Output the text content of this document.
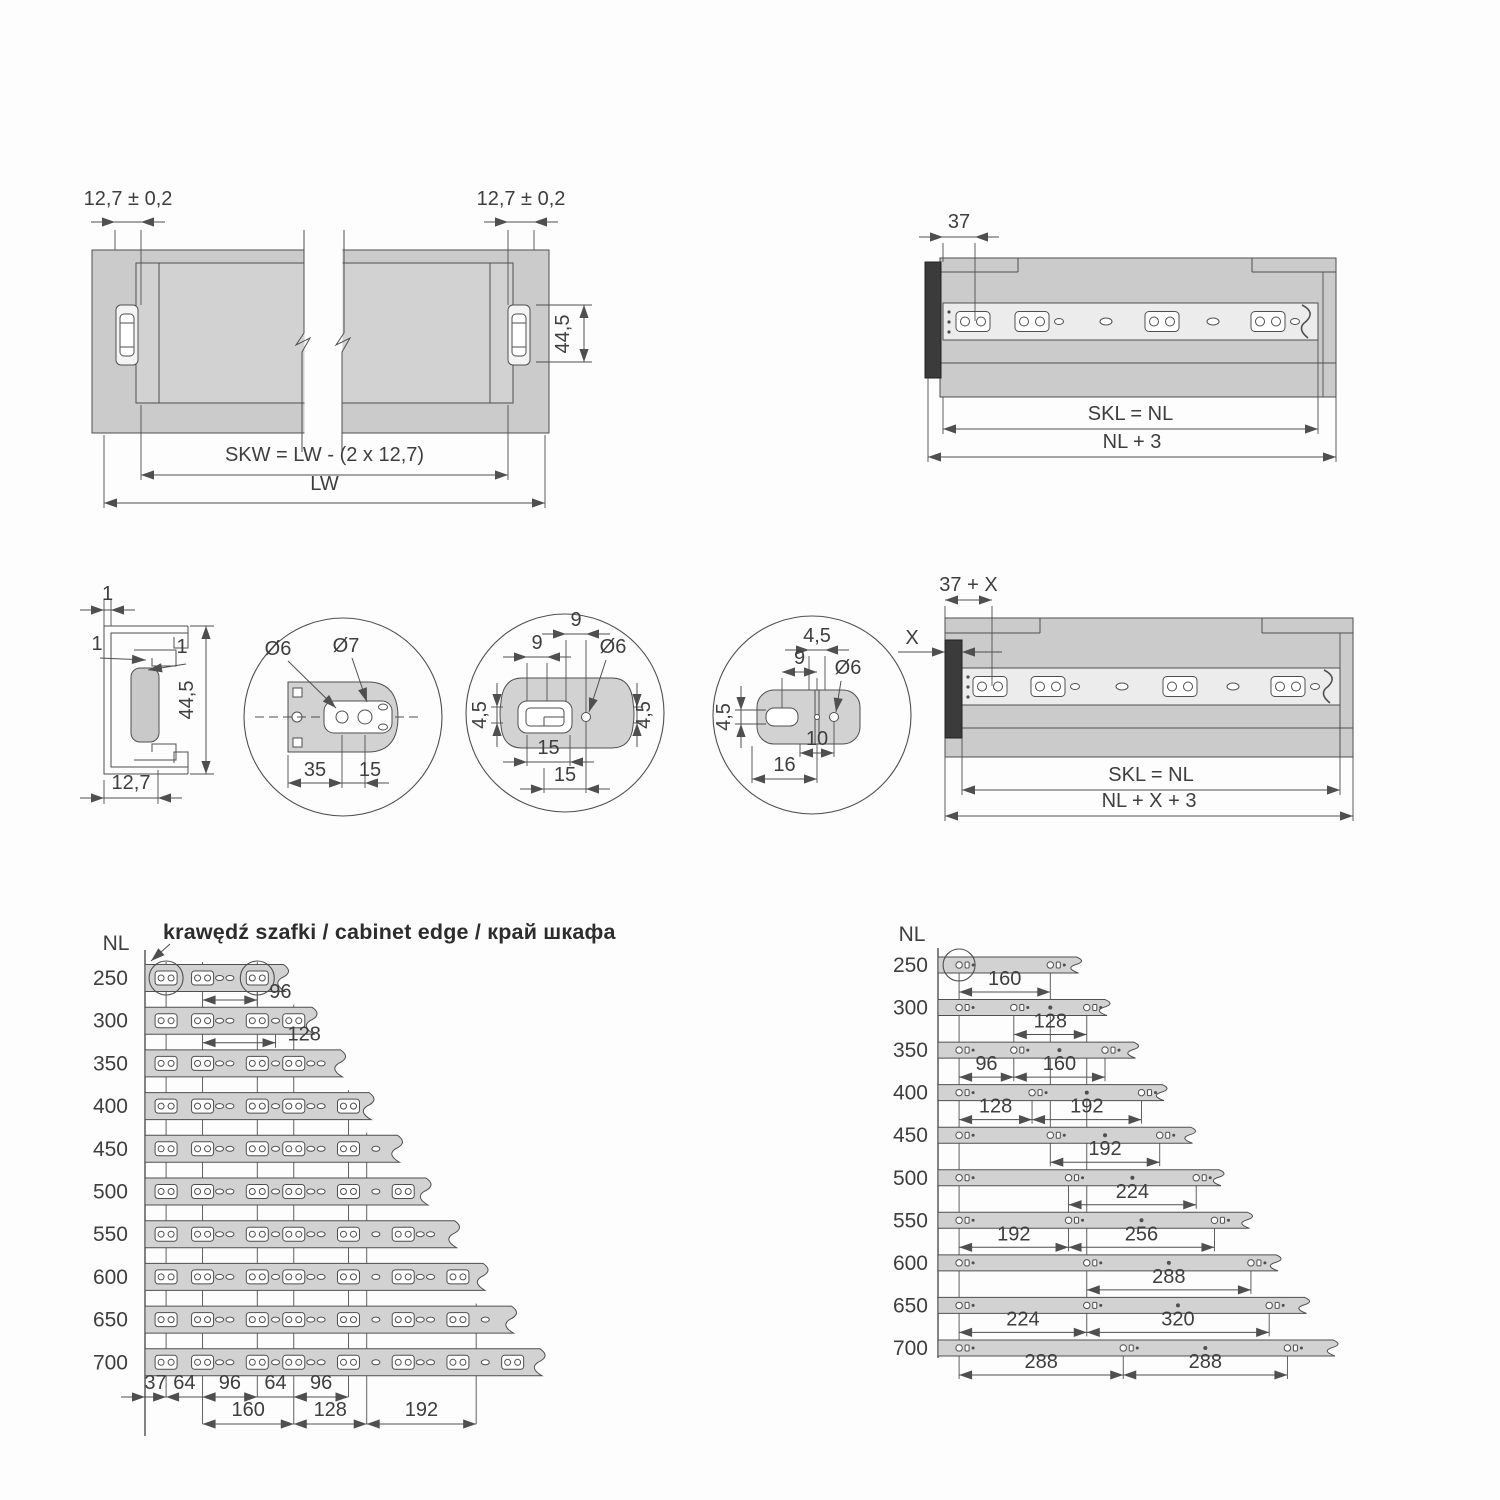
12,7 ± 0,2	12,7 ± 0,2
44,5
SKW = LW - (2 x 12,7)
LW
37
SKL = NL
NL + 3
37 + X
X
SKL = NL
NL + X + 3
1
1	1
44,5
12,7
Ø6 Ø7
35 15
9
9
Ø6
4,5	4,5
15
15
4,5
9 Ø6
4,5
10
16
NL
250
300
350
400
450
500
550
600
650
700
96
128
37 64 96 64 96
160 128	192
NL
250
160
300
128
350
96 160
400
128	192
450
192
500
224
550
192	256
600
288
650
224	320
700
288	288
krawędź szafki / cabinet edge / край шкафа
